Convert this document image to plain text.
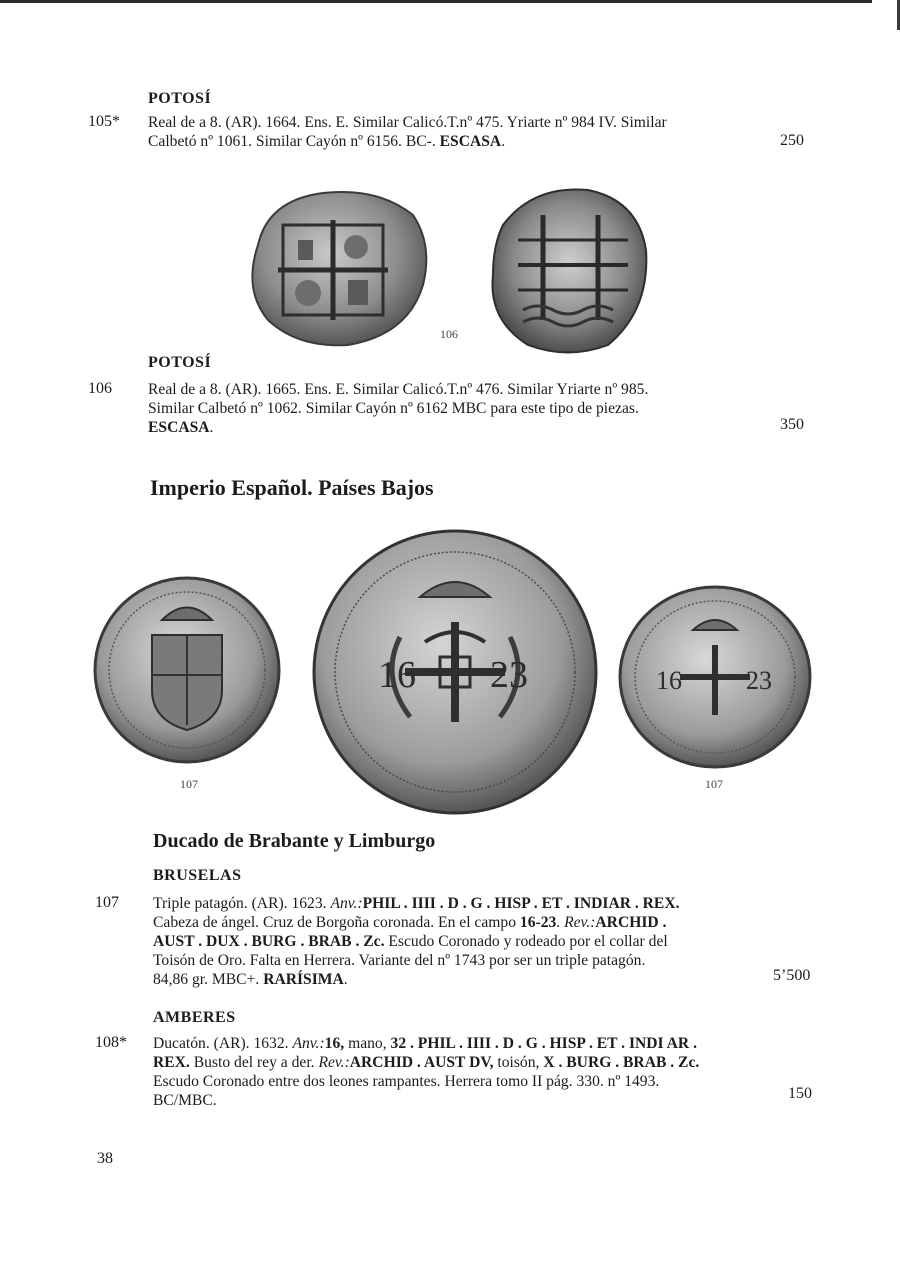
POTOSÍ
105* Real de a 8. (AR). 1664. Ens. E. Similar Calicó.T.nº 475. Yriarte nº 984 IV. Similar
Calbetó nº 1061. Similar Cayón nº 6156. BC-. ESCASA.	250
106
POTOSÍ
106 Real de a 8. (AR). 1665. Ens. E. Similar Calicó.T.nº 476. Similar Yriarte nº 985.
Similar Calbetó nº 1062. Similar Cayón nº 6162 MBC para este tipo de piezas.
ESCASA.	350
Imperio Español. Países Bajos
107
16 23	16 23
107
Ducado de Brabante y Limburgo
BRUSELAS
107 Triple patagón. (AR). 1623. Anv.:PHIL . IIII . D . G . HISP . ET . INDIAR . REX.
Cabeza de ángel. Cruz de Borgoña coronada. En el campo 16-23. Rev.:ARCHID .
AUST . DUX . BURG . BRAB . Zc. Escudo Coronado y rodeado por el collar del
Toisón de Oro. Falta en Herrera. Variante del nº 1743 por ser un triple patagón.
84,86 gr. MBC+. RARÍSIMA.	5’500
AMBERES
108* Ducatón. (AR). 1632. Anv.:16, mano, 32 . PHIL . IIII . D . G . HISP . ET . INDI AR .
REX. Busto del rey a der. Rev.:ARCHID . AUST DV, toisón, X . BURG . BRAB . Zc.
Escudo Coronado entre dos leones rampantes. Herrera tomo II pág. 330. nº 1493.
BC/MBC.	150
38
